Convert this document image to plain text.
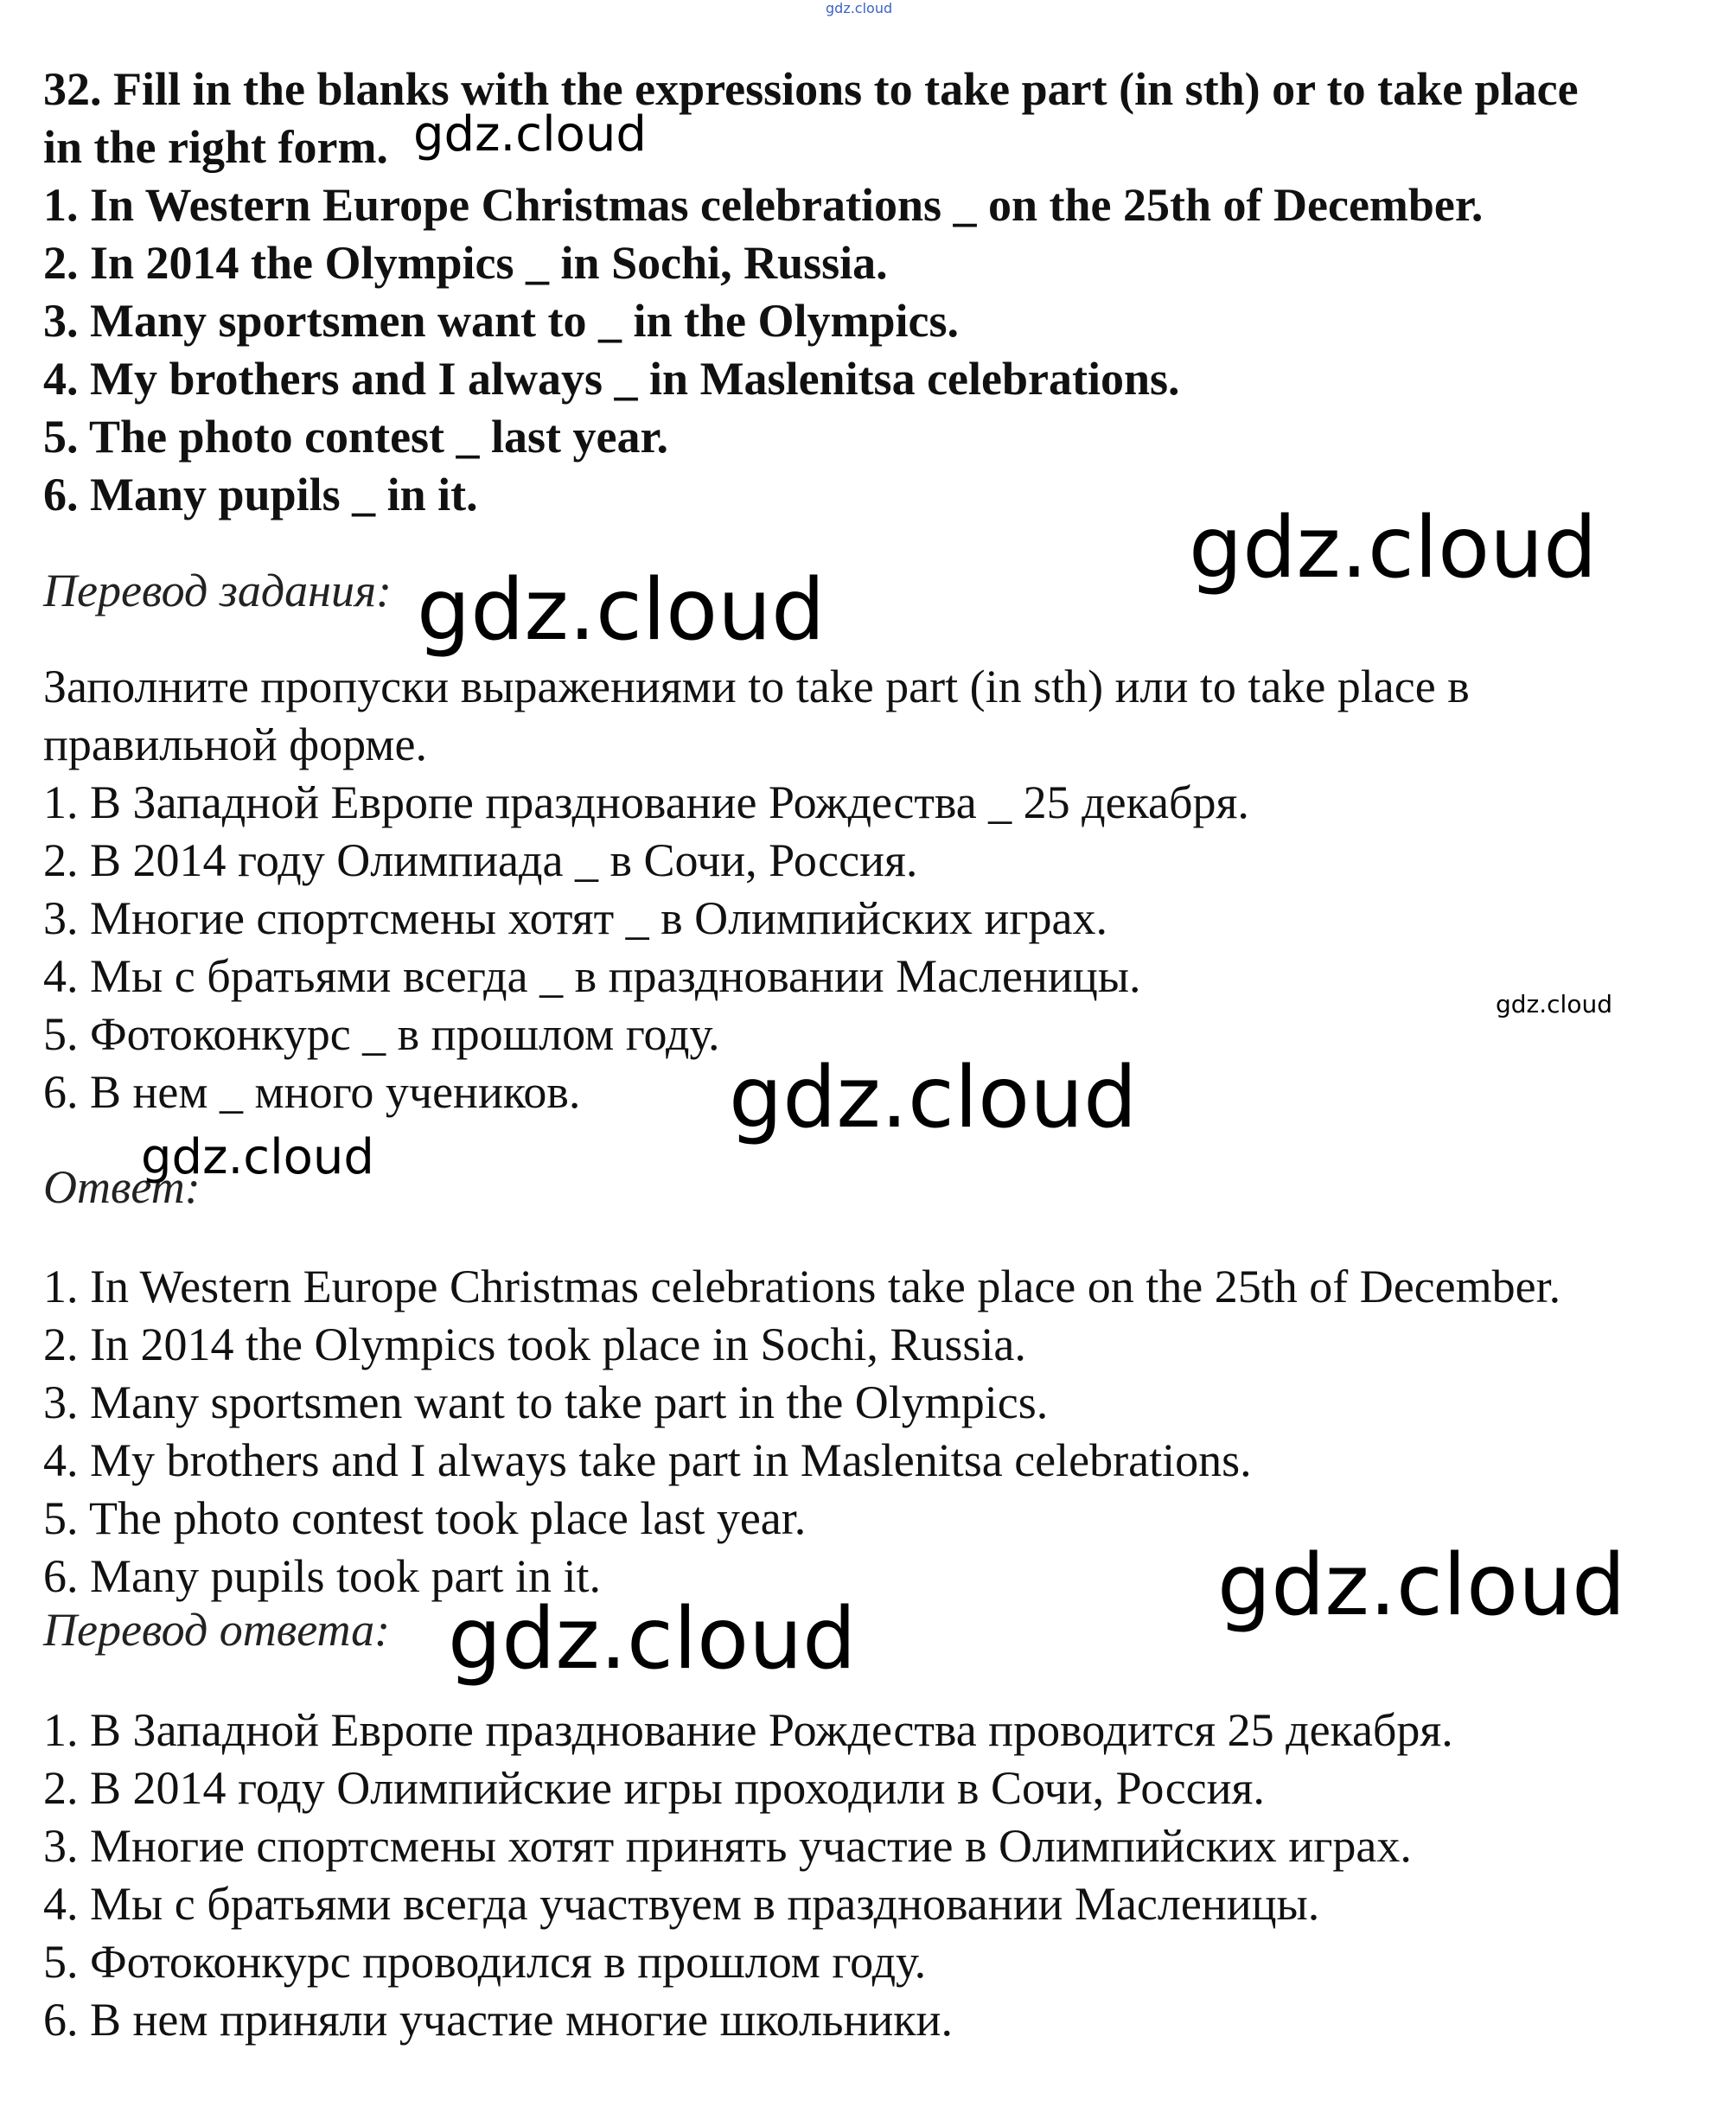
32. Fill in the blanks with the expressions to take part (in sth) or to take place
in the right form.
1. In Western Europe Christmas celebrations _ on the 25th of December.
2. In 2014 the Olympics _ in Sochi, Russia.
3. Many sportsmen want to _ in the Olympics.
4. My brothers and I always _ in Maslenitsa celebrations.
5. The photo contest _ last year.
6. Many pupils _ in it.
Перевод задания:
Заполните пропуски выражениями to take part (in sth) или to take place в
правильной форме.
1. В Западной Европе празднование Рождества _ 25 декабря.
2. В 2014 году Олимпиада _ в Сочи, Россия.
3. Многие спортсмены хотят _ в Олимпийских играх.
4. Мы с братьями всегда _ в праздновании Масленицы.
5. Фотоконкурс _ в прошлом году.
6. В нем _ много учеников.
Ответ:
1. In Western Europe Christmas celebrations take place on the 25th of December.
2. In 2014 the Olympics took place in Sochi, Russia.
3. Many sportsmen want to take part in the Olympics.
4. My brothers and I always take part in Maslenitsa celebrations.
5. The photo contest took place last year.
6. Many pupils took part in it.
Перевод ответа:
1. В Западной Европе празднование Рождества проводится 25 декабря.
2. В 2014 году Олимпийские игры проходили в Сочи, Россия.
3. Многие спортсмены хотят принять участие в Олимпийских играх.
4. Мы с братьями всегда участвуем в праздновании Масленицы.
5. Фотоконкурс проводился в прошлом году.
6. В нем приняли участие многие школьники.
gdz.cloud
gdz.cloud
gdz.cloud
gdz.cloud
gdz.cloud
gdz.cloud
gdz.cloud
gdz.cloud
gdz.cloud
